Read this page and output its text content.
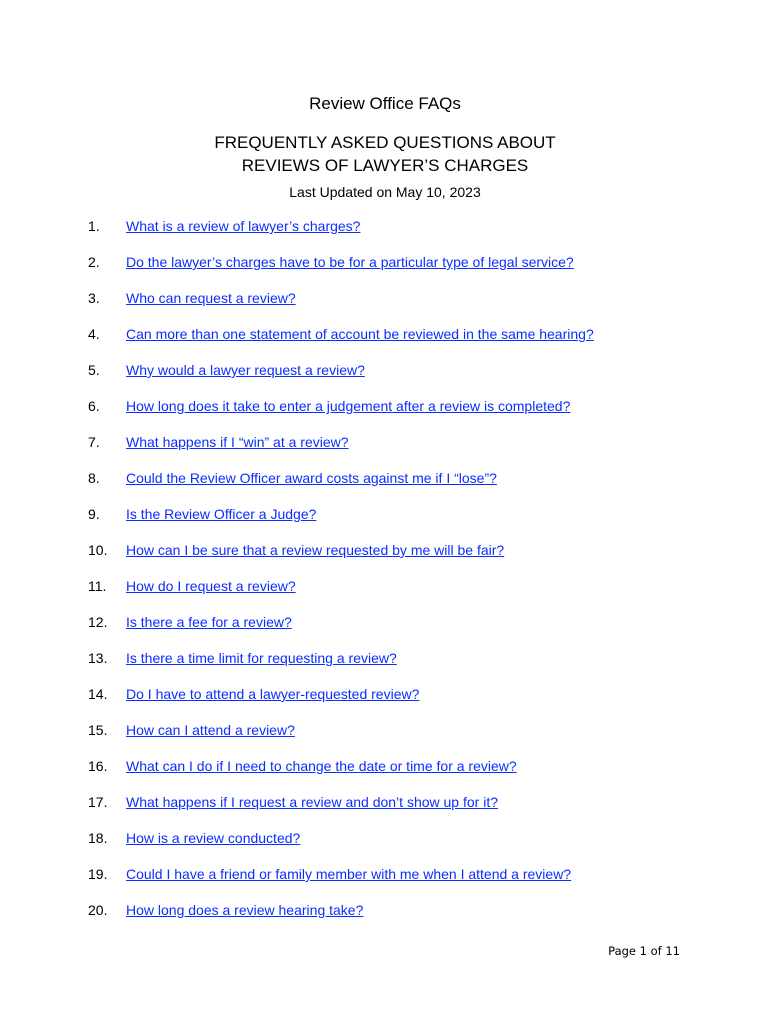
Review Office FAQs
FREQUENTLY ASKED QUESTIONS ABOUT
REVIEWS OF LAWYER’S CHARGES
Last Updated on May 10, 2023
1.	What is a review of lawyer’s charges?
2.	Do the lawyer’s charges have to be for a particular type of legal service?
3.	Who can request a review?
4.	Can more than one statement of account be reviewed in the same hearing?
5.	Why would a lawyer request a review?
6.	How long does it take to enter a judgement after a review is completed?
7.	What happens if I “win” at a review?
8.	Could the Review Officer award costs against me if I “lose”?
9.	Is the Review Officer a Judge?
10.	How can I be sure that a review requested by me will be fair?
11.	How do I request a review?
12.	Is there a fee for a review?
13.	Is there a time limit for requesting a review?
14.	Do I have to attend a lawyer-requested review?
15.	How can I attend a review?
16.	What can I do if I need to change the date or time for a review?
17.	What happens if I request a review and don’t show up for it?
18.	How is a review conducted?
19.	Could I have a friend or family member with me when I attend a review?
20.	How long does a review hearing take?
Page 1 of 11
